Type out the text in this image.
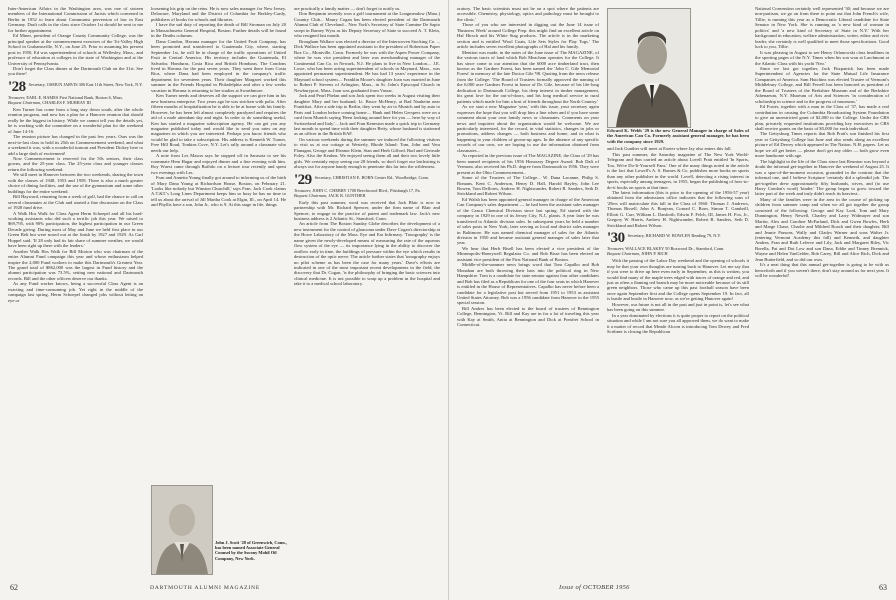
Inter-American Affairs in the Washington area, was one of sixteen members of the International Commission of Jurists which convened in Berlin in 1952 to learn about Communist perversion of law in East Germany. Draft calls in the class since October 1st should be sent to me for further appointment.

Ed Miner, president of Orange County Community College, was the principal speaker at the commencement exercises of the Tri-Valley High School in Grahamsville, N.Y., on June 25. Prior to assuming his present post in 1950, Ed was superintendent of schools at Wellesley, Mass., and professor of education at colleges in the state of Washington and at the University of Pennsylvania.

Don't forget the Class dinner at the Dartmouth Club on the 31st. See you there!

'28 Secretary, OSMUN JARVIS 306 East 11th Street, New York, N.Y.
Treasurer, EARL E. HAMES First National Bank, Boston 6, Mass.
Bequest Chairman, CHARLES F. MURRAY III

Ken Turner has come from a long stay down south, after the whole reunion program, and now has a plan for a Hanover reunion that should really be the biggest in history. While we cannot tell you the details yet, he is working with the committee on a wonderful plan for the weekend of June 14-16.

The reunion picture has changed in the past few years. Ours was the next-to-last class to hold its 25th on Commencement weekend, and what a weekend it was, with a wonderful turnout and President Dickey here to add a large dash of excitement!

Now Commencement is reserved for the 50s seniors, their class gowns, and the 25-year class. The 25-year class and younger classes return the following weekend.

We still meet in Hanover between the two weekends, sharing the town with the classes of 1948, 1953 and 1958. There is also a much greater choice of dining facilities, and the use of the gymnasium and some other buildings for the entire weekend.

Bill Hayward, returning from a week of golf, had the chance to call on several classmates at the Club and started a fine discussion on the Class of 1928 fund drive.

A Walk Hos Walk for Class Agent Herm Schoepel and all his hard-working assistants who did such a terrific job this year. We raised to $69,795, with 90% participation, the highest participation in our Green Decade giving. During most of May and June we held first place in our Green Belt but were nosed out at the finish by 1927 and 1929. As Carl Hoppel said, 'If 28 only had its fair share of summer weather, we would have been right up there with the leaders.'

Another Walk Hos Walk for Bill Morton who was chairman of the entire Alumni Fund campaign this year and whose enthusiasm helped inspire the 2,000 Fund workers to make this Dartmouth's Greatest Year. The grand total of $862,000 was the largest in Fund history and the alumni participation was 73.5%, setting new national and Dartmouth records. Bill and the other officers deserve our thanks.

As any Fund worker knows, being a successful Class Agent is an exacting and time-consuming job. Yet right in the middle of the campaign last spring, Herm Schoepel changed jobs without letting an eye or

loosening his grip on the reins. He is now sales manager for New Jersey, Delaware, Maryland and the District of Columbia for Berkley-Cardy, publishers of books for schools and libraries.

I have the sad duty of reporting the death of Bill Stroman on July 20 in Massachusetts General Hospital, Boston. Further details will be found in the Deaths columns.

Dana Condon, Havana manager for the United Fruit Company, has been promoted and transferred to Guatemala City, where, starting September 1st, he will be in charge of the traffic operations of United Fruit in Central America. His territory includes the Guatemala, El Salvador, Honduras, Costa Rica and British Honduras. The Condons lived in Havana for the past seven years. They went there from Costa Rica, where Dana had been employed in the company's traffic department for seventeen years. Their daughter Margaret worked this summer in the Friends Hospital in Philadelphia and after a few weeks vacation in Havana is returning to her studies at Swarthmore.

Ken Turner needs and deserves all the support we can give him in his new business enterprise. Two years ago he was stricken with polio. After fifteen months of hospitalization he is able to be at home with his family. However, he has been left almost completely paralyzed and requires the aid of a male attendant day and night. In order to do something useful, Ken has started a magazine subscription agency. He can get you any magazine published today and would like to send you rates on any magazines in which you are interested. Perhaps you know friends who would be glad to take a subscription. His address is Kenneth W. Turner, Free Hill Road, Tonkins Cove, N.Y. Let's rally around a classmate who needs our help.

A note from Les Mason says he stopped off in Sarasota to see his roommate Hem Hagar and enjoyed dinner and a fine evening with him. Roy Wuest came through Buffalo on a lecture tour recently and spent two evenings with Les.

Fran and Annetta Young finally got around to informing us of the birth of Mary Dana Young at Richardson House, Boston, on February 21. 'Looks like nobody but Winston Churchill,' says Fran. Jack Cook claims A.T.&T.'s Long Lines Department keeps him so busy he has no time to tell us about the arrival of Jill Martha Cook at Elgin, Ill., on April 14. He and Phyllis have a son, John Jr., who is 9. At this stage in life, things

John J. Scott '28 of Greenwich, Conn., has been named Associate General Counsel by the Socony Mobil Oil Company, New York.

are practically a family matter — don't forget to notify us.

Don Benjamin recently won a golf tournament at the Longmeadow (Mass.) Country Club... Maury Cogan has been elected president of the Dartmouth Alumni Club of Cleveland... New York's Secretary of State Carmine De Sapio swept in Barney Wyss as his Deputy Secretary of State to succeed A. T. Klein, who resigned last month.

Brougham Wallace was elected a director of the Interwoven Stocking Co. ... Dick Wallace has been appointed assistant to the president of Robertson Paper Box Co., Montville, Conn. Formerly he was with the Aspen Power Company, where he was vice president and later was merchandising manager of the Continental Can Co. in Newark, N.J. He plans to live in New London.... J.E. Lowe, who has been acting superintendent of schools in Maynard, Mass., was appointed permanent superintendent. He has had 13 years' experience in the Maynard school system.... Franklin Moore's daughter Joan was married in June to Robert P. Stevens of Arlington, Mass., in St. John's Episcopal Church in Newburyport, Mass. Joan was graduated from Vassar.

Jack and Pearl Phelan and son Jack spent two weeks in August visiting their daughter Mary and her husband, Lt. Bruce McHenry, at Bad Nauheim near Frankfurt. After a side trip to Berlin, they went by air to Munich and by auto to Paris and London before coming home.... Hank and Helen Gerspers were on a card from Munich saying 'Been looking around here for you — here by way of Switzerland and Italy.'... Jack and Fran Keneston made a quick trip to Germany last month to spend time with their daughter Betty, whose husband is stationed as an officer in the British RAF.

On various weekends during the summer we induced the following visitors to visit us at our cottage at Westerly, Rhode Island: Tom, John and Vera Flanagan, George and Eleanor Klein, Stan and Herb Gifford, Bud and Gertrude Foley. Also the Keuhns. We enjoyed seeing them all and their two lovely little girls. We certainly enjoy seeing our 28 friends, so don't forget our latchstring is always out for anyone handy enough to penetrate this far into the wilderness.

'29 Secretary, CHRISTIAN E. BORN Center Rd., Woodbridge, Conn.
Treasurer, JOHN C. CHERRY 1708 Beechwood Blvd., Pittsburgh 17, Pa.
Bequest Chairman, JACK R. GUNTHER

Early this past summer, word was received that Jack Blair is now in partnership with Mr. Richard Spencer, under the firm name of Blair and Spencer, to engage in the practice of patent and trademark law. Jack's new business address is 2 Atlantic St., Stamford, Conn.

An article from The Boston Sunday Globe describes the development of a new instrument for the control of glaucoma under Dave Cogan's directorship at the Howe Laboratory of the Mass. Eye and Ear Infirmary. 'Tonography' is the name given the newly-developed means of measuring the rate of the aqueous flow system of the eye — its importance lying in the ability to discover the outflow early in time, the buildings of pressure within the eye which results in destruction of the optic nerve. The article further states that 'tonography enjoys no pilot scheme as has been the case for many years.' Dave's efforts are indicated in one of the most important recent developments in the field, the discovery that Dr. Cogan, 'is the philosophy of bringing the basic sciences into clinical medicine. It is not possible to wrap up a problem in the hospital and take it to a medical school laboratory.

62	DARTMOUTH ALUMNI MAGAZINE

oratory. The basic scientists must not be on a spot where the patients are accessible. Chemistry, physiology, optics and pathology must be brought to the clinic.'

Those of you who are interested in digging out the June 14 issue of 'Business Week' around College Prep. this might find an excellent article on Hal Hirsch and his White Stag products. The article is in the marketing section and is entitled 'Wool Coats, Life Sets Styles for Play Togs.' The article includes seven excellent photographs of Hal and his family.

Mention was made, in the notes of the June issue of The MAGAZINE, of the various tracts of land which Bob Meacham operates for the College. It has since come to our attention that the 6000 acre timberland tract, then known as the Gardner Forest, has been named the 'John C. Gile Memorial Forest' in memory of the late Doctor Gile '98. Quoting from the news release from the College: 'The Board of Trustees formally approved the naming of the 6,000 acre Gardner Forest in honor of Dr. Gile, because of his life-long dedication to Dartmouth College, his deep interest in timber management, his great love for the out-of-doors, and his long medical service to rural patients which made for him a host of friends throughout the North Country.'

As we start a new Magazine 'year,' with this issue, your secretary again expresses the hope that you will drop him a line when and if you have some comment about your own family news or classmates. Comments on your news and inquiries about the organization would be welcome. We are particularly interested, for the record, in vital statistics, changes in jobs or promotions, address changes — both business and home, and in what is happening to your children of grown-up ages. In the absence of any specific records of our own, we are hoping to use the information obtained from classmates...

As reported in the previous issue of The MAGAZINE, the Class of '29 has been named recipients of his 1956 Honorary Degree Award. Bob Daft of Vermont, also received his Ph.D. degree from Dartmouth in 1956. They were present at the Ohio Commencement...

Some of the Trustees of The College... W. Dana Lacanne, Philip S. Bomans, Kent C. Anderson, Henry D. Hall, Harold Bayley, John Lee Bowen, Tom Deflores, Andrew H. Nightwander, Robert B. Sanders, Seth D. Strickland and Robert Wilson.

Ed Walsh has been appointed general manager in charge of the American Can Company's sales department — he had been the assistant sales manager of the Canco Chemical Division since last spring. Ed started with the company in 1929 in one of its Jersey City, N.J., plants. A year later he was transferred to Atlantic division sales. In subsequent years he held a number of sales posts in New York, later serving as local and district sales manager in Baltimore. He was named chemical manager of sales for the Atlantic division in 1950 and became assistant general manager of sales later that year.

We hear that Herb Bisell has been elected a vice president of the Minneapolis-Honeywell Regulator Co. and Bob Bisse has been elected an assistant vice president of the First National Bank of Boston.

Middle-of-the-summer news brings word that Tom Capalbo and Bob Monahan are both throwing their hats into the political ring in New Hampshire. Tom is a candidate for state senator against four other candidates and Bob has filed as a Republican for one of the four seats in which Hanover is entitled in the House of Representatives. Capalbo has never before been a candidate for a legislative post but served from 1951 to 1953 as assistant United States Attorney. Bob was a 1956 candidate from Hanover in the 1955 special session.

Bill Andres has been elected to the board of trustees of Bennington College, Bennington, Vt. Bill and Kay are in for a lot of traveling this year with Kay at Smith, Anita at Bennington and Dick at Pomfret School in Connecticut.

Edward K. Webb '29 is the new General Manager in charge of Sales of the American Can Co. Formerly assistant general manager, he has been with the company since 1929.

and Jack Gunther will meet at Exeter where Jay also enters this fall.

This past summer, the Saturday magazine of The New York World-Telegram and Sun carried an article about Lovell Pratt entitled 'In Sports, Too, We're Do-It-Yourself Fans.' One of the many things noted in the article is the fact that Lowell's A. S. Barnes & Co. publishes more books on sports than any other publisher in the world. Lovell, detecting a rising interest in sports, especially among teenagers, in 1955, began the publishing of how-to-do-it books on sports at that time.

The latest information (this is prior to the opening of the 1956-57 year) obtained from the admissions office indicates that the following sons of '29ers will matriculate this fall in the Class of 1960: Thomas J. Andrews, Thomas Bissell, John A. Bonjean, Conrad C. Born, Simon T. Gambrill, Elliott G. Carr, William L. Danforth, Edwin F. Felch, III, James H. Fox, Jr., Gregory W. Harris, Andrew H. Nightwander, Robert B. Sanders, Seth D. Strickland and Robert Wilson.

'30 Secretary, RICHARD W. BOWLEN Reading 79, N.Y.
Treasurer, WALLACE BLAKEY 50 Boxwood Dr., Stamford, Conn.
Bequest Chairman, JOHN P. RICH

With the passing of the Labor Day weekend and the opening of schools it may be that your own thoughts are turning back to Hanover. Let me say that if you were to drive up here even early in September, as this is written, you would find many of the maple trees edged with traces of orange and red, and just as often a flaming red branch may be more noticeable because of its still green neighbors. Those who came up this past football season have been once again September first and the College opens September 19. In fact, all is bustle and bustle in Hanover now, as we're getting Hanover again!

However, our future is not all in the past and just in point is, let's see what has been going on this summer.

In a year dominated by elections it is quite proper to report on the political situation and while I am not sure you all approved them, we do want to make it a matter of record that Meade Alcorn is introducing Tom Dewey and Fred Scribner is closing the Republican

National Convention certainly well represented '30; and because we are non-partisan, we go on from there to point out that John French's wife, Tillie, is running this year as a Democratic Liberal candidate for State Senator in New York. She is running as 'a new kind of woman in politics' and 'a new kind of Secretary of State in N.Y.' With her background in education, welfare administration, writer, editor and civic leader, she certainly is well qualified to meet those specifications. Good luck to you, Tillie.

It was pleasing in August to see Henry Orlanowski class headlines in the sporting pages of the N.Y. Times when his son won at Larchmont at the Atlantic Class with his yacht 'Neo.'

Since we last got together, Jack Fitzpatrick has been made Superintendent of Agencies for the State Mutual Life Insurance Companies of America. Sam Hutchins was elected Trustee of Vermont's Middlebury College, and Bill Ferrell has been honored as president of the Board of Trustees of the Berkshire Museum and of the Berkshire Athenaeum, N.Y. Museum of Arts and Sciences 'in consideration of scholarship in science and in the progress of museums.'

Ed Foster, together with a man in the Class of '37, has made a real contribution in causing the Columbia Broadcasting System Foundation to give an unrestricted grant of $2,000 to the College. Under the CBS plan, privately requested institutions providing key executives in CBS shall receive grants on the basis of $5,000 for each individual.

The Gettysburg Times reports that Bob Pratt's son finished his first year at Gettysburg College last June and also sends along an excellent picture of Ed Dewey which appeared in The Nation. N.H. papers. Let us hope we all get better — please don't get any older — both grow even more handsome with age.

The highlight in the life of the Class since last Reunion was beyond a doubt the informal get-together in Hanover the weekend of August 25. It was a spur-of-the-moment occasion, grounded in the contrast that the informal one, and I believe Scripture 'certainly did a splendid job. The get-together drew approximately fifty husbands, wives, and (to use Harry Condon's word) 'kinder.' The group began to grow toward the latter part of the week and truly didn't reach its heaviest...

Many of the families were in the area in the course of picking up children from summer camp and when we all got together the group consisted of the following: George and Kay Lord, Tom and Mary Dunnington, Henry Newell, Charley and Larry Widmayer and son Martin, Alex and Caroline McFarland, Dick and Gwen Bowles, Herb and Marge Chase, Charlie and Mildred Roach and their daughter, Bill and Jeanie Parsons, Wally and Gladys Warner and sons Walter Jr. (entering Vermont Academy this fall) and Kenneth, and daughter Andrea, Fran and Ruth Leferve and Lily, Jack and Margaret Riley, Vic Borella, Pat and Dot Low and son Dana, Eddie and Tinney Brennick, Wayne and Helen VanGelder, Bob Carey, Bill and Alice Rich, Dick and Jean Butterfield, and so did our own.

It's a neat thing that this annual get-together is going to be with us henceforth and if you weren't there, don't stay around us for next year. It will be wonderful!

Issue of OCTOBER 1956	63
